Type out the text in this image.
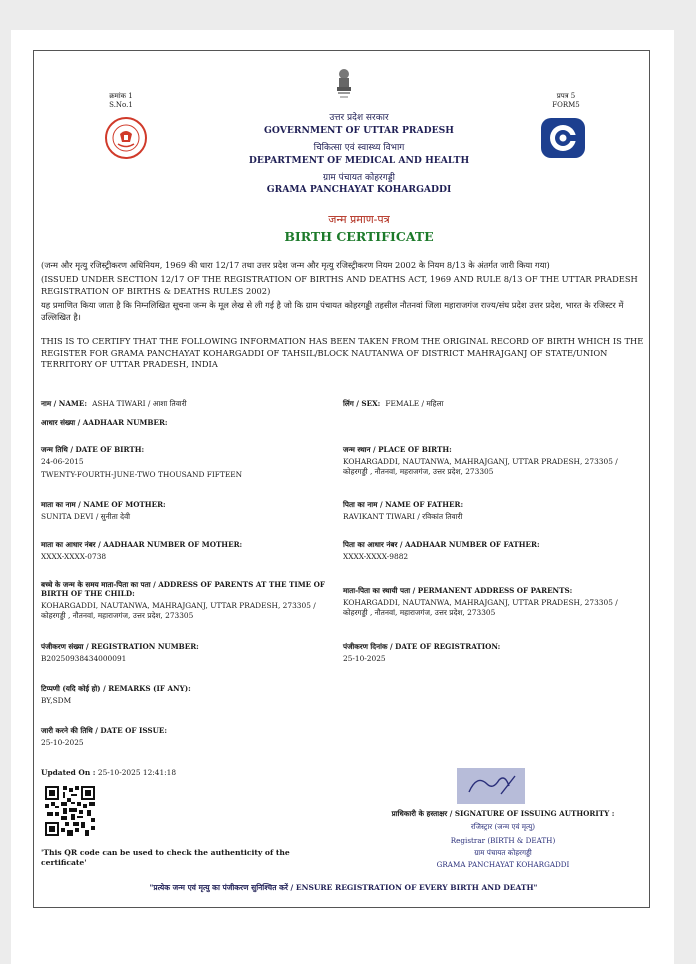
क्रमांक 1
S.No.1
प्रपत्र 5
FORM5
उत्तर प्रदेश सरकार
GOVERNMENT OF UTTAR PRADESH
चिकित्सा एवं स्वास्थ्य विभाग
DEPARTMENT OF MEDICAL AND HEALTH
ग्राम पंचायत कोहरगड्डी
GRAMA PANCHAYAT KOHARGADDI
जन्म प्रमाण-पत्र
BIRTH CERTIFICATE
(जन्म और मृत्यु रजिस्ट्रीकरण अधिनियम, 1969 की धारा 12/17 तथा उत्तर प्रदेश जन्म और मृत्यु रजिस्ट्रीकरण नियम 2002 के नियम 8/13 के अंतर्गत जारी किया गया)
(ISSUED UNDER SECTION 12/17 OF THE REGISTRATION OF BIRTHS AND DEATHS ACT, 1969 AND RULE 8/13 OF THE UTTAR PRADESH REGISTRATION OF BIRTHS & DEATHS RULES 2002)
यह प्रमाणित किया जाता है कि निम्नलिखित सूचना जन्म के मूल लेख से ली गई है जो कि ग्राम पंचायत कोहरगड्डी तहसील नौतनवां जिला महाराजगंज राज्य/संघ प्रदेश उत्तर प्रदेश, भारत के रजिस्टर में उल्लिखित है।
THIS IS TO CERTIFY THAT THE FOLLOWING INFORMATION HAS BEEN TAKEN FROM THE ORIGINAL RECORD OF BIRTH WHICH IS THE REGISTER FOR GRAMA PANCHAYAT KOHARGADDI OF TAHSIL/BLOCK NAUTANWA OF DISTRICT MAHRAJGANJ OF STATE/UNION TERRITORY OF UTTAR PRADESH, INDIA
नाम / NAME: ASHA TIWARI / आशा तिवारी	लिंग / SEX: FEMALE / महिला
आधार संख्या / AADHAAR NUMBER:
जन्म तिथि / DATE OF BIRTH:
24-06-2015
TWENTY-FOURTH-JUNE-TWO THOUSAND FIFTEEN
जन्म स्थान / PLACE OF BIRTH:
KOHARGADDI, NAUTANWA, MAHRAJGANJ, UTTAR PRADESH, 273305 / कोहरगड्डी , नौतनवां, महराजगंज, उत्तर प्रदेश, 273305
माता का नाम / NAME OF MOTHER:
SUNITA DEVI / सुनीता देवी
पिता का नाम / NAME OF FATHER:
RAVIKANT TIWARI / रविकांत तिवारी
माता का आधार नंबर / AADHAAR NUMBER OF MOTHER:
XXXX-XXXX-0738
पिता का आधार नंबर / AADHAAR NUMBER OF FATHER:
XXXX-XXXX-9882
बच्चे के जन्म के समय माता-पिता का पता / ADDRESS OF PARENTS AT THE TIME OF BIRTH OF THE CHILD:
KOHARGADDI, NAUTANWA, MAHRAJGANJ, UTTAR PRADESH, 273305 / कोहरगड्डी , नौतनवां, महाराजगंज, उत्तर प्रदेश, 273305
माता-पिता का स्थायी पता / PERMANENT ADDRESS OF PARENTS:
KOHARGADDI, NAUTANWA, MAHRAJGANJ, UTTAR PRADESH, 273305 / कोहरगड्डी , नौतनवां, महाराजगंज, उत्तर प्रदेश, 273305
पंजीकरण संख्या / REGISTRATION NUMBER:
B20250938434000091
पंजीकरण दिनांक / DATE OF REGISTRATION:
25-10-2025
टिप्पणी (यदि कोई हो) / REMARKS (IF ANY):
BY,SDM
जारी करने की तिथि / DATE OF ISSUE:
25-10-2025
Updated On : 25-10-2025 12:41:18
'This QR code can be used to check the authenticity of the certificate'
प्राधिकारी के हस्ताक्षर / SIGNATURE OF ISSUING AUTHORITY :
रजिस्ट्रार (जन्म एवं मृत्यु)
Registrar (BIRTH & DEATH)
ग्राम पंचायत कोहरगड्डी
GRAMA PANCHAYAT KOHARGADDI
"प्रत्येक जन्म एवं मृत्यु का पंजीकरण सुनिश्चित करें / ENSURE REGISTRATION OF EVERY BIRTH AND DEATH"
